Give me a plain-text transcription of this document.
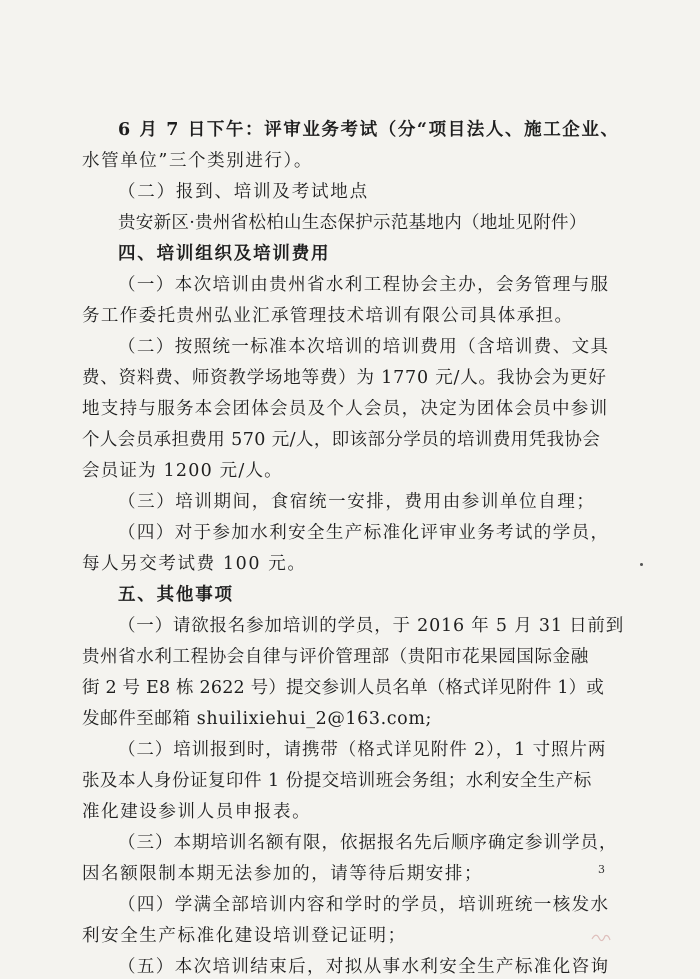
6 月 7 日下午：评审业务考试（分“项目法人、施工企业、
水管单位”三个类别进行）。
（二）报到、培训及考试地点
贵安新区·贵州省松柏山生态保护示范基地内（地址见附件）
四、培训组织及培训费用
（一）本次培训由贵州省水利工程协会主办，会务管理与服
务工作委托贵州弘业汇承管理技术培训有限公司具体承担。
（二）按照统一标准本次培训的培训费用（含培训费、文具
费、资料费、师资教学场地等费）为 1770 元/人。我协会为更好
地支持与服务本会团体会员及个人会员，决定为团体会员中参训
个人会员承担费用 570 元/人，即该部分学员的培训费用凭我协会
会员证为 1200 元/人。
（三）培训期间，食宿统一安排，费用由参训单位自理；
（四）对于参加水利安全生产标准化评审业务考试的学员，
每人另交考试费 100 元。
五、其他事项
（一）请欲报名参加培训的学员，于 2016 年 5 月 31 日前到
贵州省水利工程协会自律与评价管理部（贵阳市花果园国际金融
街 2 号 E8 栋 2622 号）提交参训人员名单（格式详见附件 1）或
发邮件至邮箱 shuilixiehui_2@163.com;
（二）培训报到时，请携带（格式详见附件 2），1 寸照片两
张及本人身份证复印件 1 份提交培训班会务组；水利安全生产标
准化建设参训人员申报表。
（三）本期培训名额有限，依据报名先后顺序确定参训学员，
因名额限制本期无法参加的，请等待后期安排；
（四）学满全部培训内容和学时的学员，培训班统一核发水
利安全生产标准化建设培训登记证明；
（五）本次培训结束后，对拟从事水利安全生产标准化咨询
3
